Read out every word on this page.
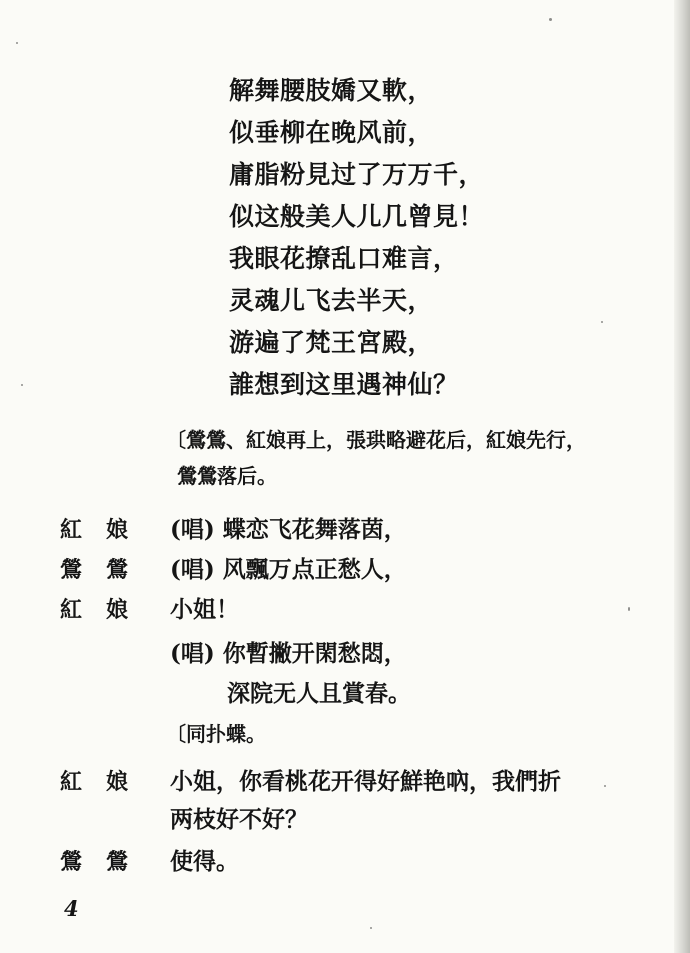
解舞腰肢嬌又軟，
似垂柳在晚风前，
庸脂粉見过了万万千，
似这般美人儿几曾見！
我眼花撩乱口难言，
灵魂儿飞去半天，
游遍了梵王宮殿，
誰想到这里遇神仙？
〔鶯鶯、紅娘再上，張珙略避花后，紅娘先行，
鶯鶯落后。
紅娘 (唱) 蝶恋飞花舞落茵，
鶯鶯 (唱) 风飄万点正愁人，
紅娘 小姐！
(唱) 你暫撇开閑愁悶，
深院无人且賞春。
〔同扑蝶。
紅娘 小姐，你看桃花开得好鮮艳吶，我們折
两枝好不好？
鶯鶯 使得。
4
